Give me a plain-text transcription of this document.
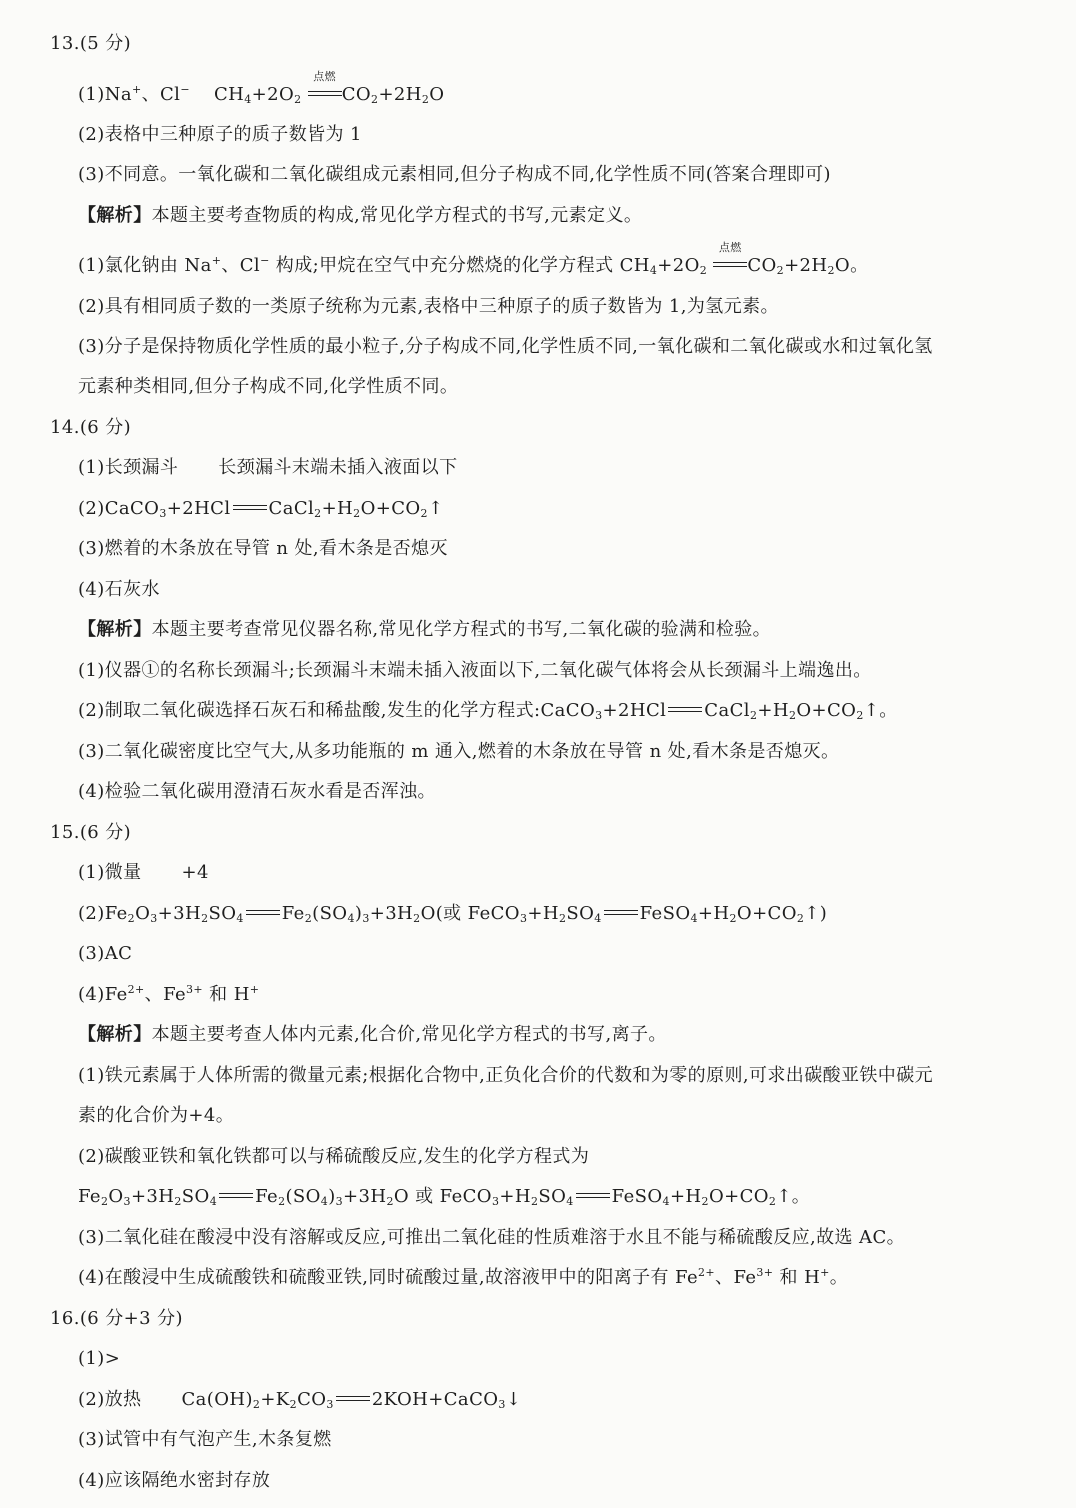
13.(5 分)
(1)Na+、Cl− $CH_4+2O_2$
点燃
$CO_2+2H_2O$
(2)表格中三种原子的质子数皆为 1
(3)不同意。一氧化碳和二氧化碳组成元素相同,但分子构成不同,化学性质不同(答案合理即可)
【解析】本题主要考查物质的构成,常见化学方程式的书写,元素定义。
(1)氯化钠由 Na+、Cl− 构成;甲烷在空气中充分燃烧的化学方程式 $CH_4+2O_2$
点燃
$CO_2+2H_2O$。
(2)具有相同质子数的一类原子统称为元素,表格中三种原子的质子数皆为 1,为氢元素。
(3)分子是保持物质化学性质的最小粒子,分子构成不同,化学性质不同,一氧化碳和二氧化碳或水和过氧化氢
元素种类相同,但分子构成不同,化学性质不同。
14.(6 分)
(1)长颈漏斗 长颈漏斗末端未插入液面以下
(2)CaCO$_3$+2HCl $CaCl_2+H_2O+CO_2↑$
(3)燃着的木条放在导管 n 处,看木条是否熄灭
(4)石灰水
【解析】本题主要考查常见仪器名称,常见化学方程式的书写,二氧化碳的验满和检验。
(1)仪器①的名称长颈漏斗;长颈漏斗末端未插入液面以下,二氧化碳气体将会从长颈漏斗上端逸出。
(2)制取二氧化碳选择石灰石和稀盐酸,发生的化学方程式:CaCO$_3$+2HCl $CaCl_2+H_2O+CO_2↑$。
(3)二氧化碳密度比空气大,从多功能瓶的 m 通入,燃着的木条放在导管 n 处,看木条是否熄灭。
(4)检验二氧化碳用澄清石灰水看是否浑浊。
15.(6 分)
(1)微量 +4
$(2)Fe_2O_3+3H_2SO_4$ $Fe_2(SO_4)_3+3H_2O$(或 $FeCO_3+H_2SO_4$ $FeSO_4+H_2O+CO_2↑$)
(3)AC
$(4)Fe^{2+}$、$Fe^{3+}$ 和 H+
【解析】本题主要考查人体内元素,化合价,常见化学方程式的书写,离子。
(1)铁元素属于人体所需的微量元素;根据化合物中,正负化合价的代数和为零的原则,可求出碳酸亚铁中碳元
素的化合价为+4。
(2)碳酸亚铁和氧化铁都可以与稀硫酸反应,发生的化学方程式为
$Fe_2O_3+3H_2SO_4$ $Fe_2(SO_4)_3+3H_2O$ 或 $FeCO_3+H_2SO_4$ $FeSO_4+H_2O+CO_2↑$。
(3)二氧化硅在酸浸中没有溶解或反应,可推出二氧化硅的性质难溶于水且不能与稀硫酸反应,故选 AC。
(4)在酸浸中生成硫酸铁和硫酸亚铁,同时硫酸过量,故溶液甲中的阳离子有 $Fe^{2+}$、$Fe^{3+}$ 和 H+。
16.(6 分+3 分)
(1)>
(2)放热 $Ca(OH)_2+K_2CO_3$ 2KOH+CaCO$_3$↓
(3)试管中有气泡产生,木条复燃
(4)应该隔绝水密封存放
